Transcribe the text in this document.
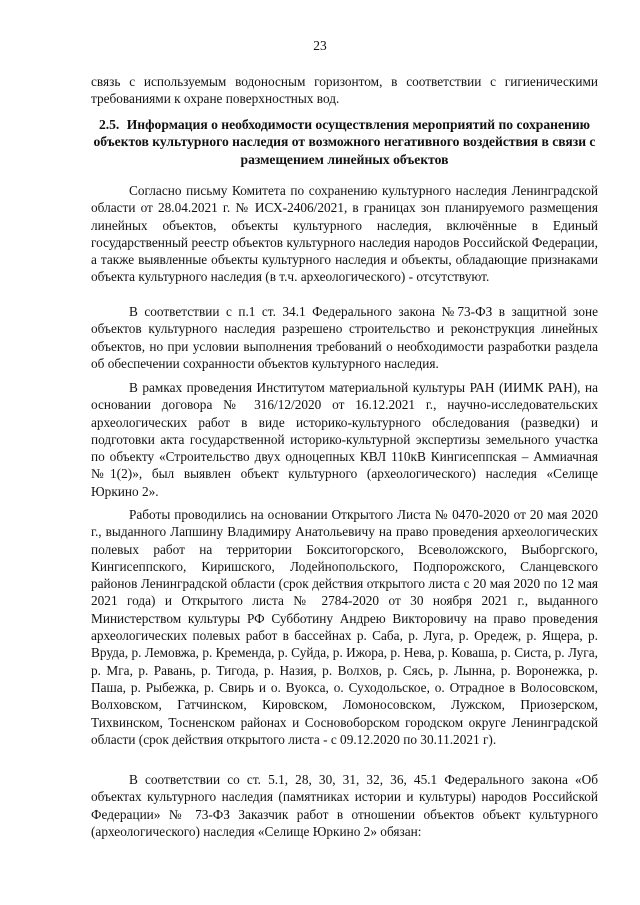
23
связь с используемым водоносным горизонтом, в соответствии с гигиеническими требованиями к охране поверхностных вод.
2.5. Информация о необходимости осуществления мероприятий по сохранению объектов культурного наследия от возможного негативного воздействия в связи с размещением линейных объектов
Согласно письму Комитета по сохранению культурного наследия Ленинградской области от 28.04.2021 г. № ИСХ-2406/2021, в границах зон планируемого размещения линейных объектов, объекты культурного наследия, включённые в Единый государственный реестр объектов культурного наследия народов Российской Федерации, а также выявленные объекты культурного наследия и объекты, обладающие признаками объекта культурного наследия (в т.ч. археологического) - отсутствуют.
В соответствии с п.1 ст. 34.1 Федерального закона №73-ФЗ в защитной зоне объектов культурного наследия разрешено строительство и реконструкция линейных объектов, но при условии выполнения требований о необходимости разработки раздела об обеспечении сохранности объектов культурного наследия.
В рамках проведения Институтом материальной культуры РАН (ИИМК РАН), на основании договора № 316/12/2020 от 16.12.2021 г., научно-исследовательских археологических работ в виде историко-культурного обследования (разведки) и подготовки акта государственной историко-культурной экспертизы земельного участка по объекту «Строительство двух одноцепных КВЛ 110кВ Кингисеппская – Аммиачная №1(2)», был выявлен объект культурного (археологического) наследия «Селище Юркино 2».
Работы проводились на основании Открытого Листа № 0470-2020 от 20 мая 2020 г., выданного Лапшину Владимиру Анатольевичу на право проведения археологических полевых работ на территории Бокситогорского, Всеволожского, Выборгского, Кингисеппского, Киришского, Лодейнопольского, Подпорожского, Сланцевского районов Ленинградской области (срок действия открытого листа с 20 мая 2020 по 12 мая 2021 года) и Открытого листа № 2784-2020 от 30 ноября 2021 г., выданного Министерством культуры РФ Субботину Андрею Викторовичу на право проведения археологических полевых работ в бассейнах р. Саба, р. Луга, р. Оредеж, р. Ящера, р. Вруда, р. Лемовжа, р. Кременда, р. Суйда, р. Ижора, р. Нева, р. Коваша, р. Систа, р. Луга, р. Мга, р. Равань, р. Тигода, р. Назия, р. Волхов, р. Сясь, р. Лынна, р. Воронежка, р. Паша, р. Рыбежка, р. Свирь и о. Вуокса, о. Суходольское, о. Отрадное в Волосовском, Волховском, Гатчинском, Кировском, Ломоносовском, Лужском, Приозерском, Тихвинском, Тосненском районах и Сосновоборском городском округе Ленинградской области (срок действия открытого листа - с 09.12.2020 по 30.11.2021 г).
В соответствии со ст. 5.1, 28, 30, 31, 32, 36, 45.1 Федерального закона «Об объектах культурного наследия (памятниках истории и культуры) народов Российской Федерации» № 73-ФЗ Заказчик работ в отношении объектов объект культурного (археологического) наследия «Селище Юркино 2» обязан:
